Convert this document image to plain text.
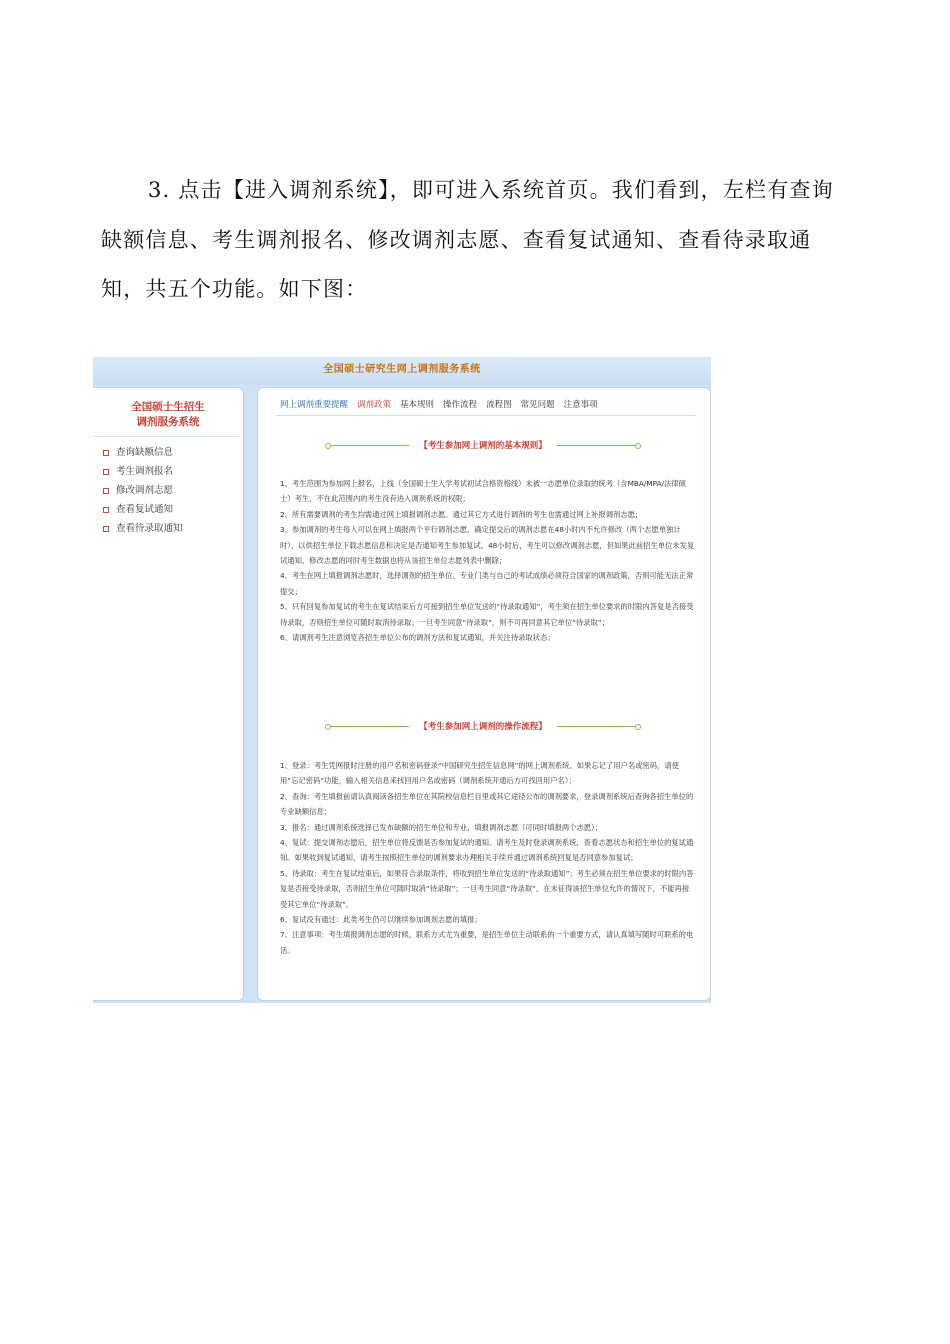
3. 点击【进入调剂系统】，即可进入系统首页。我们看到，左栏有查询缺额信息、考生调剂报名、修改调剂志愿、查看复试通知、查看待录取通知，共五个功能。如下图：
全国硕士研究生网上调剂服务系统
全国硕士生招生
调剂服务系统
查询缺额信息
考生调剂报名
修改调剂志愿
查看复试通知
查看待录取通知
网上调剂重要提醒 调剂政策 基本规则 操作流程 流程图 常见问题 注意事项
【考生参加网上调剂的基本规则】
1、考生范围为参加网上报名，上线（全国硕士生入学考试初试合格资格线）未被一志愿单位录取的统考（含MBA/MPA/法律硕士）考生，不在此范围内的考生没有进入调剂系统的权限；
2、所有需要调剂的考生均需通过网上填报调剂志愿。通过其它方式进行调剂的考生也需通过网上补报调剂志愿；
3、参加调剂的考生每人可以在网上填报两个平行调剂志愿，确定提交后的调剂志愿在48小时内不允许修改（两个志愿单独计时），以供招生单位下载志愿信息和决定是否通知考生参加复试。48小时后，考生可以修改调剂志愿，但如果此前招生单位未发复试通知，修改志愿的同时考生数据也将从该招生单位志愿列表中删除；
4、考生在网上填报调剂志愿时，选择调剂的招生单位、专业门类与自己的考试成绩必须符合国家的调剂政策，否则可能无法正常提交；
5、只有回复参加复试的考生在复试结束后方可接到招生单位发送的“待录取通知”，考生须在招生单位要求的时限内答复是否接受待录取，否则招生单位可随时取消待录取；一旦考生同意“待录取”，则不可再同意其它单位“待录取”；
6、请调剂考生注意浏览各招生单位公布的调剂方法和复试通知，并关注待录取状态；
【考生参加网上调剂的操作流程】
1、登录：考生凭网报时注册的用户名和密码登录“中国研究生招生信息网”的网上调剂系统。如果忘记了用户名或密码，请使用“忘记密码”功能，输入相关信息来找回用户名或密码（调剂系统开通后方可找回用户名）；
2、查询：考生填报前请认真阅读各招生单位在其院校信息栏目里或其它途径公布的调剂要求，登录调剂系统后查询各招生单位的专业缺额信息；
3、报名：通过调剂系统选择已发布缺额的招生单位和专业，填报调剂志愿（可同时填报两个志愿）；
4、复试：提交调剂志愿后，招生单位将反馈是否参加复试的通知。请考生及时登录调剂系统，查看志愿状态和招生单位的复试通知。如果收到复试通知，请考生按照招生单位的调剂要求办理相关手续并通过调剂系统回复是否同意参加复试；
5、待录取：考生在复试结束后，如果符合录取条件，将收到招生单位发送的“待录取通知”；考生必须在招生单位要求的时限内答复是否接受待录取，否则招生单位可随时取消“待录取”；一旦考生同意“待录取”，在未征得该招生单位允许的情况下，不能再接受其它单位“待录取”。
6、复试没有通过：此类考生仍可以继续参加调剂志愿的填报；
7、注意事项：考生填报调剂志愿的时候，联系方式尤为重要，是招生单位主动联系的一个重要方式，请认真填写随时可联系的电话。
